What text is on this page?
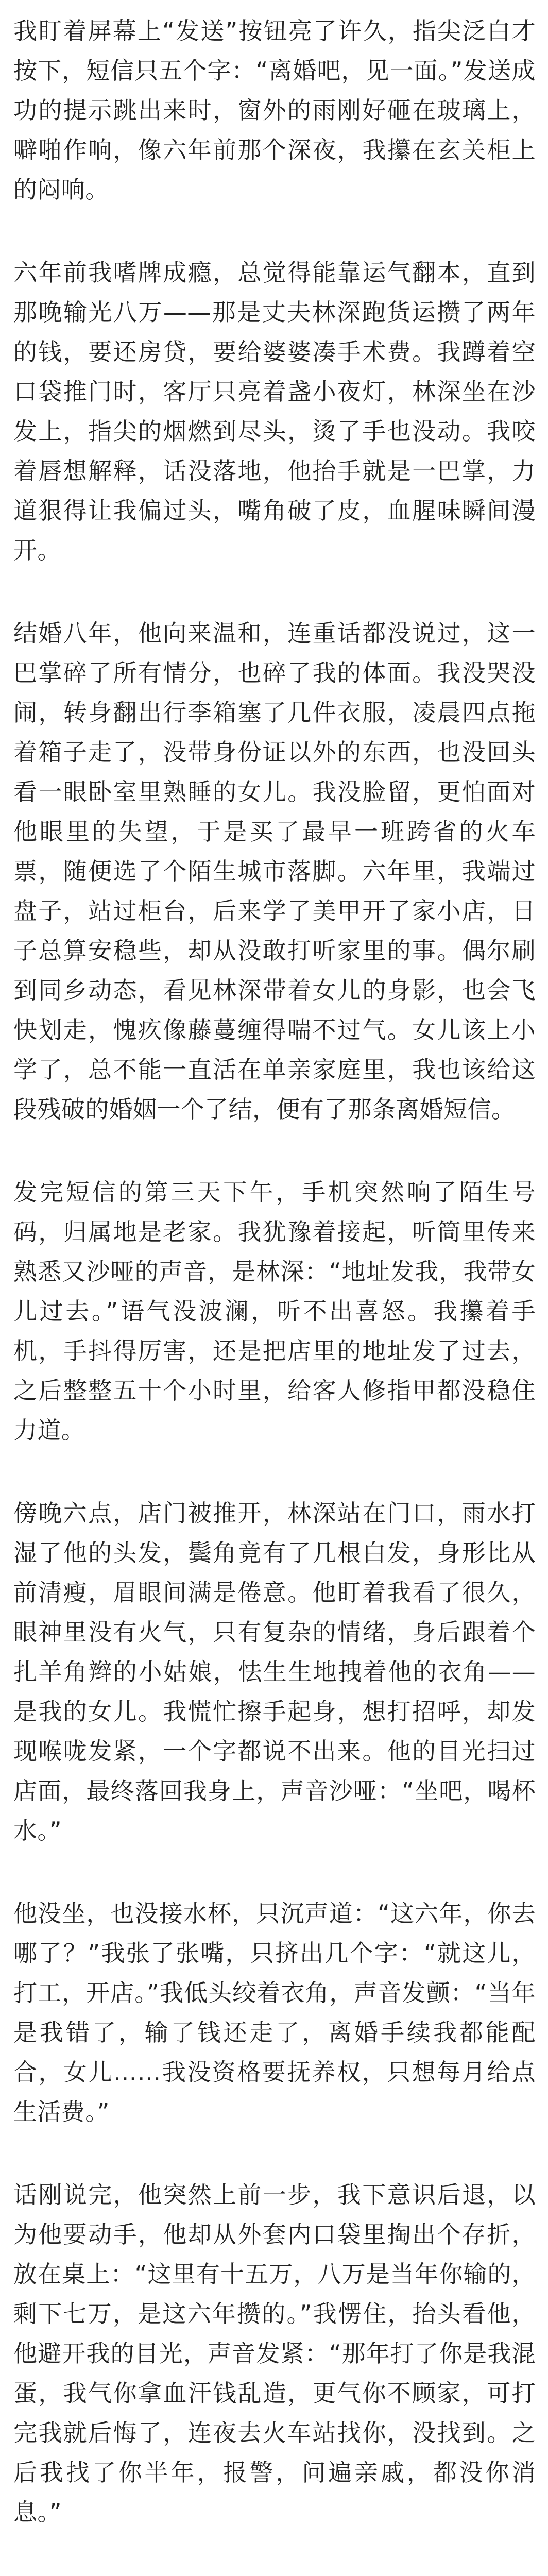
我盯着屏幕上“发送”按钮亮了许久，指尖泛白才按下，短信只五个字：“离婚吧，见一面。”发送成功的提示跳出来时，窗外的雨刚好砸在玻璃上，噼啪作响，像六年前那个深夜，我攥在玄关柜上的闷响。

六年前我嗜牌成瘾，总觉得能靠运气翻本，直到那晚输光八万——那是丈夫林深跑货运攒了两年的钱，要还房贷，要给婆婆凑手术费。我蹲着空口袋推门时，客厅只亮着盏小夜灯，林深坐在沙发上，指尖的烟燃到尽头，烫了手也没动。我咬着唇想解释，话没落地，他抬手就是一巴掌，力道狠得让我偏过头，嘴角破了皮，血腥味瞬间漫开。

结婚八年，他向来温和，连重话都没说过，这一巴掌碎了所有情分，也碎了我的体面。我没哭没闹，转身翻出行李箱塞了几件衣服，凌晨四点拖着箱子走了，没带身份证以外的东西，也没回头看一眼卧室里熟睡的女儿。我没脸留，更怕面对他眼里的失望，于是买了最早一班跨省的火车票，随便选了个陌生城市落脚。六年里，我端过盘子，站过柜台，后来学了美甲开了家小店，日子总算安稳些，却从没敢打听家里的事。偶尔刷到同乡动态，看见林深带着女儿的身影，也会飞快划走，愧疚像藤蔓缠得喘不过气。女儿该上小学了，总不能一直活在单亲家庭里，我也该给这段残破的婚姻一个了结，便有了那条离婚短信。

发完短信的第三天下午，手机突然响了陌生号码，归属地是老家。我犹豫着接起，听筒里传来熟悉又沙哑的声音，是林深：“地址发我，我带女儿过去。”语气没波澜，听不出喜怒。我攥着手机，手抖得厉害，还是把店里的地址发了过去，之后整整五十个小时里，给客人修指甲都没稳住力道。

傍晚六点，店门被推开，林深站在门口，雨水打湿了他的头发，鬓角竟有了几根白发，身形比从前清瘦，眉眼间满是倦意。他盯着我看了很久，眼神里没有火气，只有复杂的情绪，身后跟着个扎羊角辫的小姑娘，怯生生地拽着他的衣角——是我的女儿。我慌忙擦手起身，想打招呼，却发现喉咙发紧，一个字都说不出来。他的目光扫过店面，最终落回我身上，声音沙哑：“坐吧，喝杯水。”

他没坐，也没接水杯，只沉声道：“这六年，你去哪了？”我张了张嘴，只挤出几个字：“就这儿，打工，开店。”我低头绞着衣角，声音发颤：“当年是我错了，输了钱还走了，离婚手续我都能配合，女儿……我没资格要抚养权，只想每月给点生活费。”

话刚说完，他突然上前一步，我下意识后退，以为他要动手，他却从外套内口袋里掏出个存折，放在桌上：“这里有十五万，八万是当年你输的，剩下七万，是这六年攒的。”我愣住，抬头看他，他避开我的目光，声音发紧：“那年打了你是我混蛋，我气你拿血汗钱乱造，更气你不顾家，可打完我就后悔了，连夜去火车站找你，没找到。之后我找了你半年，报警，问遍亲戚，都没你消息。”
